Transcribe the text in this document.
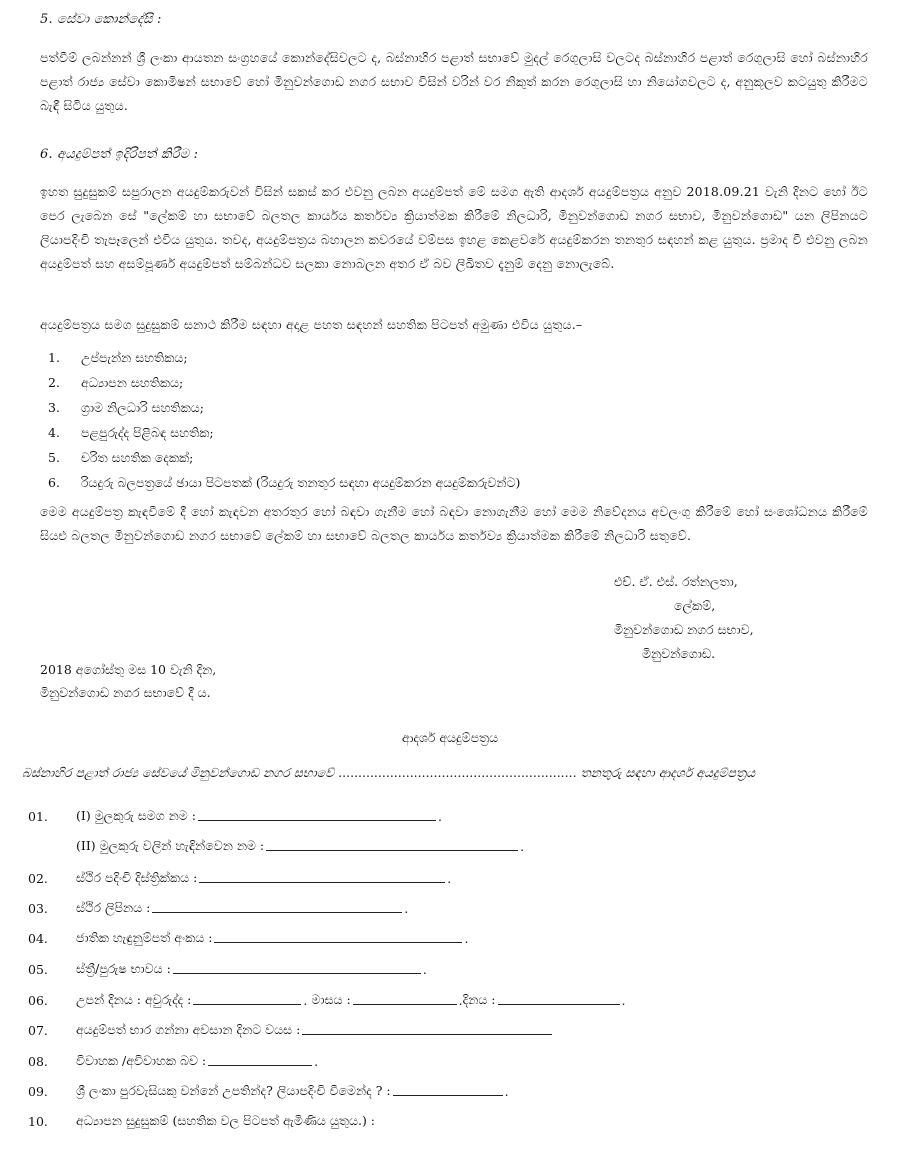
5. සේවා කොන්දේසි :
පත්වීම් ලබන්නන් ශ්‍රී ලංකා ආයතන සංග්‍රහයේ කොන්දේසිවලට ද, බස්නාහිර පළාත් සභාවේ මුදල් රෙගුලාසි වලටද බස්නාහිර පළාත් රෙගුලාසි හෝ බස්නාහිර පළාත් රාජ්‍ය සේවා කොමිෂන් සභාවේ හෝ මිනුවන්ගොඩ නගර සභාව විසින් වරින් වර නිකුත් කරන රෙගුලාසි හා නියෝගවලට ද, අනුකූලව කටයුතු කිරීමට බැඳී සිටිය යුතුය.
6. අයදුම්පත් ඉදිරිපත් කිරීම :
ඉහත සුදුසුකම් සපුරාලන අයදුම්කරුවන් විසින් සකස් කර එවනු ලබන අයදුම්පත් මේ සමග ඇති ආදර්ශ අයදුම්පත්‍රය අනුව 2018.09.21 වැනි දිනට හෝ ඊට පෙර ලැබෙන සේ "ලේකම් හා සභාවේ බලතල කාර්යය කර්තව්‍ය ක්‍රියාත්මක කිරීමේ නිලධාරි, මිනුවන්ගොඩ නගර සභාව, මිනුවන්ගොඩ" යන ලිපිනයට ලියාපදිංචි තැපෑලෙන් එවිය යුතුය. තවද, අයදුම්පත්‍රය බහාලන කවරයේ වම්පස ඉහළ කෙළවරේ අයදුම්කරන තනතුර සඳහන් කළ යුතුය. ප්‍රමාද වී එවනු ලබන අයදුම්පත් සහ අසම්පූර්ණ අයදුම්පත් සම්බන්ධව සලකා නොබලන අතර ඒ බව ලිඛිතව දැනුම් දෙනු නොලැබේ.
අයදුම්පත්‍රය සමග සුදුසුකම් සනාථ කිරීම සඳහා අදාළ පහත සඳහන් සහතික පිටපත් අමුණා එවිය යුතුය.–
1.	උප්පැන්න සහතිකය;
2.	අධ්‍යාපන සහතිකය;
3.	ග්‍රාම නිලධාරි සහතිකය;
4.	පළපුරුද්ද පිළිබඳ සහතික;
5.	චරිත සහතික දෙකක්;
6.	රියදුරු බලපත්‍රයේ ඡායා පිටපතක් (රියදුරු තනතුර සඳහා අයදුම්කරන අයදුම්කරුවන්ට)
මෙම අයදුම්පත්‍ර කැඳවීමේ දී හෝ කැඳවන අතරතුර හෝ බඳවා ගැනීම හෝ බඳවා නොගැනීම හෝ මෙම නිවේදනය අවලංගු කිරීමේ හෝ සංශෝධනය කිරීමේ සියළු බලතල මිනුවන්ගොඩ නගර සභාවේ ලේකම් හා සභාවේ බලතල කාර්යය කර්තව්‍ය ක්‍රියාත්මක කිරීමේ නිලධාරි සතුවේ.
එච්. ඒ. එස්. රත්නලතා,
ලේකම්,
මිනුවන්ගොඩ නගර සභාව,
මිනුවන්ගොඩ.
2018 අගෝස්තු මස 10 වැනි දින,
මිනුවන්ගොඩ නගර සභාවේ දී ය.
ආදර්ශ අයදුම්පත්‍රය
බස්නාහිර පළාත් රාජ්‍ය සේවයේ මිනුවන්ගොඩ නගර සභාවේ ............................................................ තනතුරු සඳහා ආදර්ශ අයදුම්පත්‍රය
01.	(I) මුලකුරු සමග නම :	.
(II) මුලකුරු වලින් හැඳින්වෙන නම :	.
02.	ස්ථිර පදිංචි දිස්ත්‍රික්කය :	.
03.	ස්ථිර ලිපිනය :	.
04.	ජාතික හැඳුනුම්පත් අංකය :	.
05.	ස්ත්‍රී/පුරුෂ භාවය :	.
06.	උපන් දිනය : අවුරුද්ද :	. මාසය :	. දිනය :	.
07.	අයදුම්පත් භාර ගන්නා අවසාන දිනට වයස :
08.	විවාහක /අවිවාහක බව :	.
09.	ශ්‍රී ලංකා පුරවැසියකු වන්නේ උපතින්ද? ලියාපදිංචි වීමෙන්ද ? :	.
10.	අධ්‍යාපන සුදුසුකම් (සහතික වල පිටපත් ඇමිණිය යුතුය.) :
